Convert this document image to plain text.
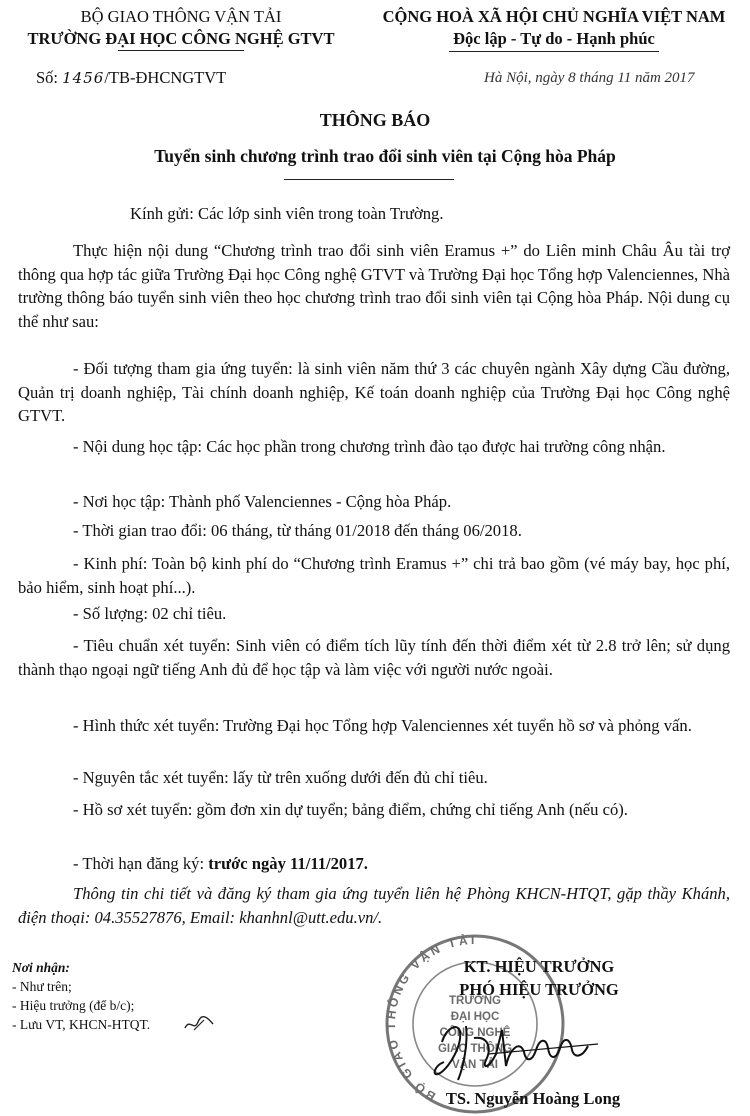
BỘ GIAO THÔNG VẬN TẢI
TRƯỜNG ĐẠI HỌC CÔNG NGHỆ GTVT
CỘNG HOÀ XÃ HỘI CHỦ NGHĨA VIỆT NAM
Độc lập - Tự do - Hạnh phúc
Số: 1456/TB-ĐHCNGTVT	Hà Nội, ngày 8 tháng 11 năm 2017
THÔNG BÁO
Tuyển sinh chương trình trao đổi sinh viên tại Cộng hòa Pháp
Kính gửi: Các lớp sinh viên trong toàn Trường.
Thực hiện nội dung “Chương trình trao đổi sinh viên Eramus +” do Liên minh Châu Âu tài trợ thông qua hợp tác giữa Trường Đại học Công nghệ GTVT và Trường Đại học Tổng hợp Valenciennes, Nhà trường thông báo tuyển sinh viên theo học chương trình trao đổi sinh viên tại Cộng hòa Pháp. Nội dung cụ thể như sau:
- Đối tượng tham gia ứng tuyển: là sinh viên năm thứ 3 các chuyên ngành Xây dựng Cầu đường, Quản trị doanh nghiệp, Tài chính doanh nghiệp, Kế toán doanh nghiệp của Trường Đại học Công nghệ GTVT.
- Nội dung học tập: Các học phần trong chương trình đào tạo được hai trường công nhận.
- Nơi học tập: Thành phố Valenciennes - Cộng hòa Pháp.
- Thời gian trao đổi: 06 tháng, từ tháng 01/2018 đến tháng 06/2018.
- Kinh phí: Toàn bộ kinh phí do “Chương trình Eramus +” chi trả bao gồm (vé máy bay, học phí, bảo hiểm, sinh hoạt phí...).
- Số lượng: 02 chỉ tiêu.
- Tiêu chuẩn xét tuyển: Sinh viên có điểm tích lũy tính đến thời điểm xét từ 2.8 trở lên; sử dụng thành thạo ngoại ngữ tiếng Anh đủ để học tập và làm việc với người nước ngoài.
- Hình thức xét tuyển: Trường Đại học Tổng hợp Valenciennes xét tuyển hồ sơ và phỏng vấn.
- Nguyên tắc xét tuyển: lấy từ trên xuống dưới đến đủ chỉ tiêu.
- Hồ sơ xét tuyển: gồm đơn xin dự tuyển; bảng điểm, chứng chỉ tiếng Anh (nếu có).
- Thời hạn đăng ký: trước ngày 11/11/2017.
Thông tin chi tiết và đăng ký tham gia ứng tuyển liên hệ Phòng KHCN-HTQT, gặp thầy Khánh, điện thoại: 04.35527876, Email: khanhnl@utt.edu.vn/.
Nơi nhận:
- Như trên;
- Hiệu trưởng (để b/c);
- Lưu VT, KHCN-HTQT.
BỘ GIAO THÔNG VẬN TẢI
TRƯỜNG
ĐẠI HỌC
CÔNG NGHỆ
GIAO THÔNG
VẬN TẢI
KT. HIỆU TRƯỞNG
PHÓ HIỆU TRƯỞNG
TS. Nguyễn Hoàng Long
